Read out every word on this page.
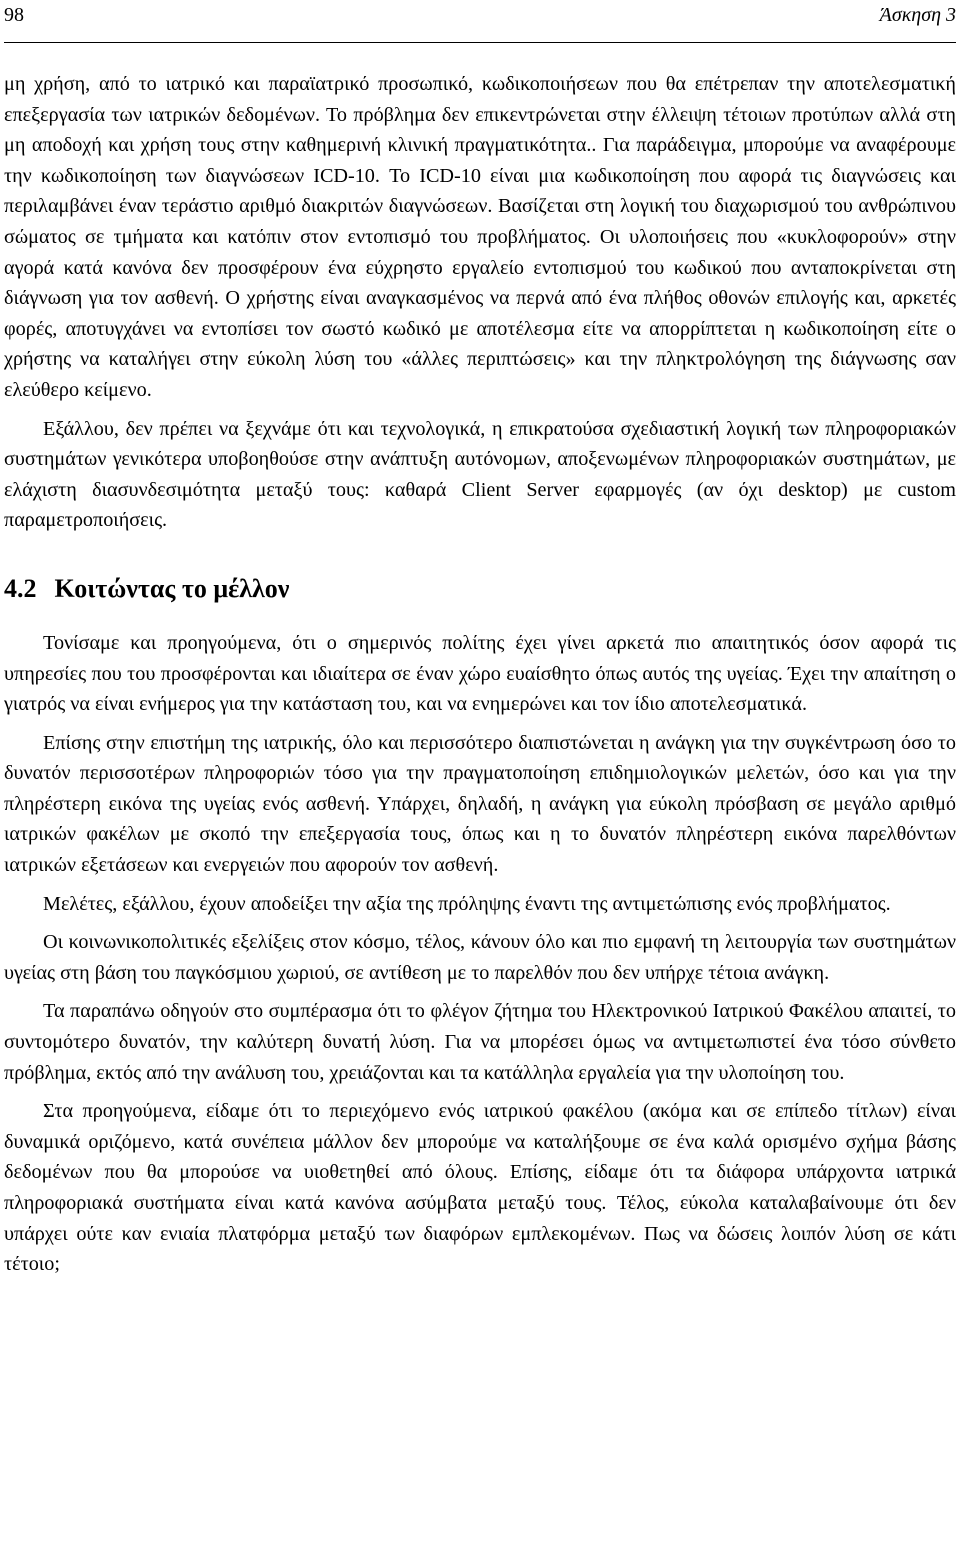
98	Άσκηση 3

μη χρήση, από το ιατρικό και παραϊατρικό προσωπικό, κωδικοποιήσεων που θα επέτρεπαν την αποτελεσματική επεξεργασία των ιατρικών δεδομένων. Το πρόβλημα δεν επικεντρώνεται στην έλλειψη τέτοιων προτύπων αλλά στη μη αποδοχή και χρήση τους στην καθημερινή κλινική πραγματικότητα.. Για παράδειγμα, μπορούμε να αναφέρουμε την κωδικοποίηση των διαγνώσεων ICD-10. Το ICD-10 είναι μια κωδικοποίηση που αφορά τις διαγνώσεις και περιλαμβάνει έναν τεράστιο αριθμό διακριτών διαγνώσεων. Βασίζεται στη λογική του διαχωρισμού του ανθρώπινου σώματος σε τμήματα και κατόπιν στον εντοπισμό του προβλήματος. Οι υλοποιήσεις που «κυκλοφορούν» στην αγορά κατά κανόνα δεν προσφέρουν ένα εύχρηστο εργαλείο εντοπισμού του κωδικού που ανταποκρίνεται στη διάγνωση για τον ασθενή. Ο χρήστης είναι αναγκασμένος να περνά από ένα πλήθος οθονών επιλογής και, αρκετές φορές, αποτυγχάνει να εντοπίσει τον σωστό κωδικό με αποτέλεσμα είτε να απορρίπτεται η κωδικοποίηση είτε ο χρήστης να καταλήγει στην εύκολη λύση του «άλλες περιπτώσεις» και την πληκτρολόγηση της διάγνωσης σαν ελεύθερο κείμενο.

Εξάλλου, δεν πρέπει να ξεχνάμε ότι και τεχνολογικά, η επικρατούσα σχεδιαστική λογική των πληροφοριακών συστημάτων γενικότερα υποβοηθούσε στην ανάπτυξη αυτόνομων, αποξενωμένων πληροφοριακών συστημάτων, με ελάχιστη διασυνδεσιμότητα μεταξύ τους: καθαρά Client Server εφαρμογές (αν όχι desktop) με custom παραμετροποιήσεις.

4.2 Κοιτώντας το μέλλον

Τονίσαμε και προηγούμενα, ότι ο σημερινός πολίτης έχει γίνει αρκετά πιο απαιτητικός όσον αφορά τις υπηρεσίες που του προσφέρονται και ιδιαίτερα σε έναν χώρο ευαίσθητο όπως αυτός της υγείας. Έχει την απαίτηση ο γιατρός να είναι ενήμερος για την κατάσταση του, και να ενημερώνει και τον ίδιο αποτελεσματικά.

Επίσης στην επιστήμη της ιατρικής, όλο και περισσότερο διαπιστώνεται η ανάγκη για την συγκέντρωση όσο το δυνατόν περισσοτέρων πληροφοριών τόσο για την πραγματοποίηση επιδημιολογικών μελετών, όσο και για την πληρέστερη εικόνα της υγείας ενός ασθενή. Υπάρχει, δηλαδή, η ανάγκη για εύκολη πρόσβαση σε μεγάλο αριθμό ιατρικών φακέλων με σκοπό την επεξεργασία τους, όπως και η το δυνατόν πληρέστερη εικόνα παρελθόντων ιατρικών εξετάσεων και ενεργειών που αφορούν τον ασθενή.

Μελέτες, εξάλλου, έχουν αποδείξει την αξία της πρόληψης έναντι της αντιμετώπισης ενός προβλήματος.

Οι κοινωνικοπολιτικές εξελίξεις στον κόσμο, τέλος, κάνουν όλο και πιο εμφανή τη λειτουργία των συστημάτων υγείας στη βάση του παγκόσμιου χωριού, σε αντίθεση με το παρελθόν που δεν υπήρχε τέτοια ανάγκη.

Τα παραπάνω οδηγούν στο συμπέρασμα ότι το φλέγον ζήτημα του Ηλεκτρονικού Ιατρικού Φακέλου απαιτεί, το συντομότερο δυνατόν, την καλύτερη δυνατή λύση. Για να μπορέσει όμως να αντιμετωπιστεί ένα τόσο σύνθετο πρόβλημα, εκτός από την ανάλυση του, χρειάζονται και τα κατάλληλα εργαλεία για την υλοποίηση του.

Στα προηγούμενα, είδαμε ότι το περιεχόμενο ενός ιατρικού φακέλου (ακόμα και σε επίπεδο τίτλων) είναι δυναμικά οριζόμενο, κατά συνέπεια μάλλον δεν μπορούμε να καταλήξουμε σε ένα καλά ορισμένο σχήμα βάσης δεδομένων που θα μπορούσε να υιοθετηθεί από όλους. Επίσης, είδαμε ότι τα διάφορα υπάρχοντα ιατρικά πληροφοριακά συστήματα είναι κατά κανόνα ασύμβατα μεταξύ τους. Τέλος, εύκολα καταλαβαίνουμε ότι δεν υπάρχει ούτε καν ενιαία πλατφόρμα μεταξύ των διαφόρων εμπλεκομένων. Πως να δώσεις λοιπόν λύση σε κάτι τέτοιο;
